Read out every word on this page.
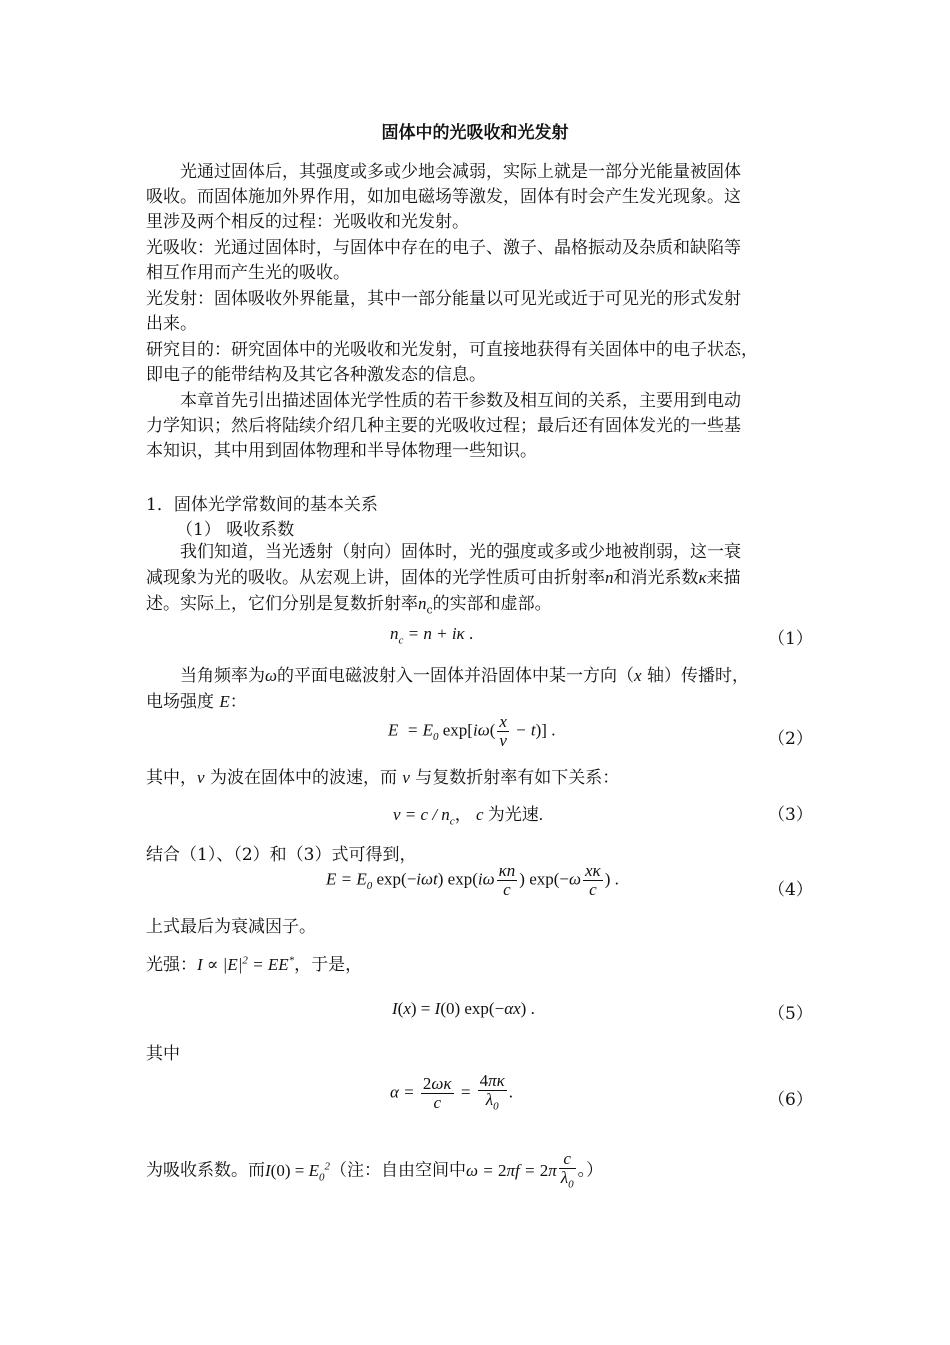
固体中的光吸收和光发射
光通过固体后，其强度或多或少地会减弱，实际上就是一部分光能量被固体
吸收。而固体施加外界作用，如加电磁场等激发，固体有时会产生发光现象。这
里涉及两个相反的过程：光吸收和光发射。
光吸收：光通过固体时，与固体中存在的电子、激子、晶格振动及杂质和缺陷等
相互作用而产生光的吸收。
光发射：固体吸收外界能量，其中一部分能量以可见光或近于可见光的形式发射
出来。
研究目的：研究固体中的光吸收和光发射，可直接地获得有关固体中的电子状态，
即电子的能带结构及其它各种激发态的信息。
本章首先引出描述固体光学性质的若干参数及相互间的关系，主要用到电动
力学知识；然后将陆续介绍几种主要的光吸收过程；最后还有固体发光的一些基
本知识，其中用到固体物理和半导体物理一些知识。
1．固体光学常数间的基本关系
（1） 吸收系数
我们知道，当光透射（射向）固体时，光的强度或多或少地被削弱，这一衰
减现象为光的吸收。从宏观上讲，固体的光学性质可由折射率n和消光系数κ来描
述。实际上，它们分别是复数折射率$n_c$的实部和虚部。
$n_c = n + i\kappa$ .	（1）
当角频率为ω的平面电磁波射入一固体并沿固体中某一方向（x 轴）传播时，
电场强度 E：
$E = E_0$ $\exp[i\omega( \frac{x}{v} - t)]$ .	（2）
其中，v 为波在固体中的波速，而 v 与复数折射率有如下关系：
$v = c / n_c$， c 为光速.	（3）
结合（1）、（2）和（3）式可得到，
$E = E_0$ exp(−iωt) $\exp(i\omega \frac{\kappa n}{c}$ ) $\exp(-\omega \frac{x\kappa}{c}$ ) .
（4）
上式最后为衰减因子。
光强：$I \propto |E|^2 = EE^*$，于是，
I(x) = I(0) exp(−αx) .	（5）
其中
$\alpha = \frac{2\omega\kappa}{c} = \frac{4\pi\kappa}{\lambda_0}$ .	（6）
为吸收系数。而$I(0) = E_0^2$（注：自由空间中$\omega = 2\pi f = 2\pi \frac{c}{\lambda_0}$ 。）
